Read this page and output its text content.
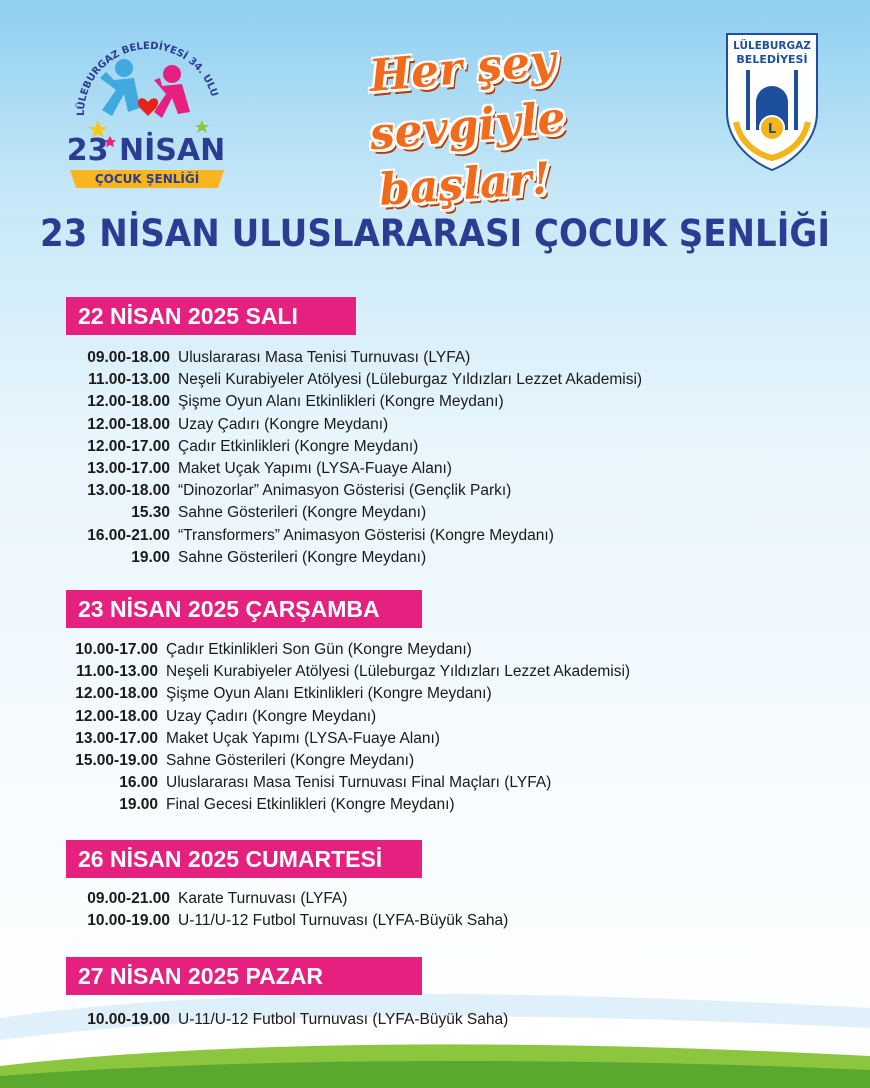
LÜLEBURGAZ BELEDİYESİ 34. ULU
23 NİSAN
ÇOCUK ŞENLİĞİ
Her şey sevgiyle
başlar!
LÜLEBURGAZ
BELEDİYESİ
L
23 NİSAN ULUSLARARASI ÇOCUK ŞENLİĞİ
22 NİSAN 2025 SALI
09.00-18.00 Uluslararası Masa Tenisi Turnuvası (LYFA)
11.00-13.00 Neşeli Kurabiyeler Atölyesi (Lüleburgaz Yıldızları Lezzet Akademisi)
12.00-18.00 Şişme Oyun Alanı Etkinlikleri (Kongre Meydanı)
12.00-18.00 Uzay Çadırı (Kongre Meydanı)
12.00-17.00 Çadır Etkinlikleri (Kongre Meydanı)
13.00-17.00 Maket Uçak Yapımı (LYSA-Fuaye Alanı)
13.00-18.00 “Dinozorlar” Animasyon Gösterisi (Gençlik Parkı)
15.30 Sahne Gösterileri (Kongre Meydanı)
16.00-21.00 “Transformers” Animasyon Gösterisi (Kongre Meydanı)
19.00 Sahne Gösterileri (Kongre Meydanı)
23 NİSAN 2025 ÇARŞAMBA
10.00-17.00 Çadır Etkinlikleri Son Gün (Kongre Meydanı)
11.00-13.00 Neşeli Kurabiyeler Atölyesi (Lüleburgaz Yıldızları Lezzet Akademisi)
12.00-18.00 Şişme Oyun Alanı Etkinlikleri (Kongre Meydanı)
12.00-18.00 Uzay Çadırı (Kongre Meydanı)
13.00-17.00 Maket Uçak Yapımı (LYSA-Fuaye Alanı)
15.00-19.00 Sahne Gösterileri (Kongre Meydanı)
16.00 Uluslararası Masa Tenisi Turnuvası Final Maçları (LYFA)
19.00 Final Gecesi Etkinlikleri (Kongre Meydanı)
26 NİSAN 2025 CUMARTESİ
09.00-21.00 Karate Turnuvası (LYFA)
10.00-19.00 U-11/U-12 Futbol Turnuvası (LYFA-Büyük Saha)
27 NİSAN 2025 PAZAR
10.00-19.00 U-11/U-12 Futbol Turnuvası (LYFA-Büyük Saha)
